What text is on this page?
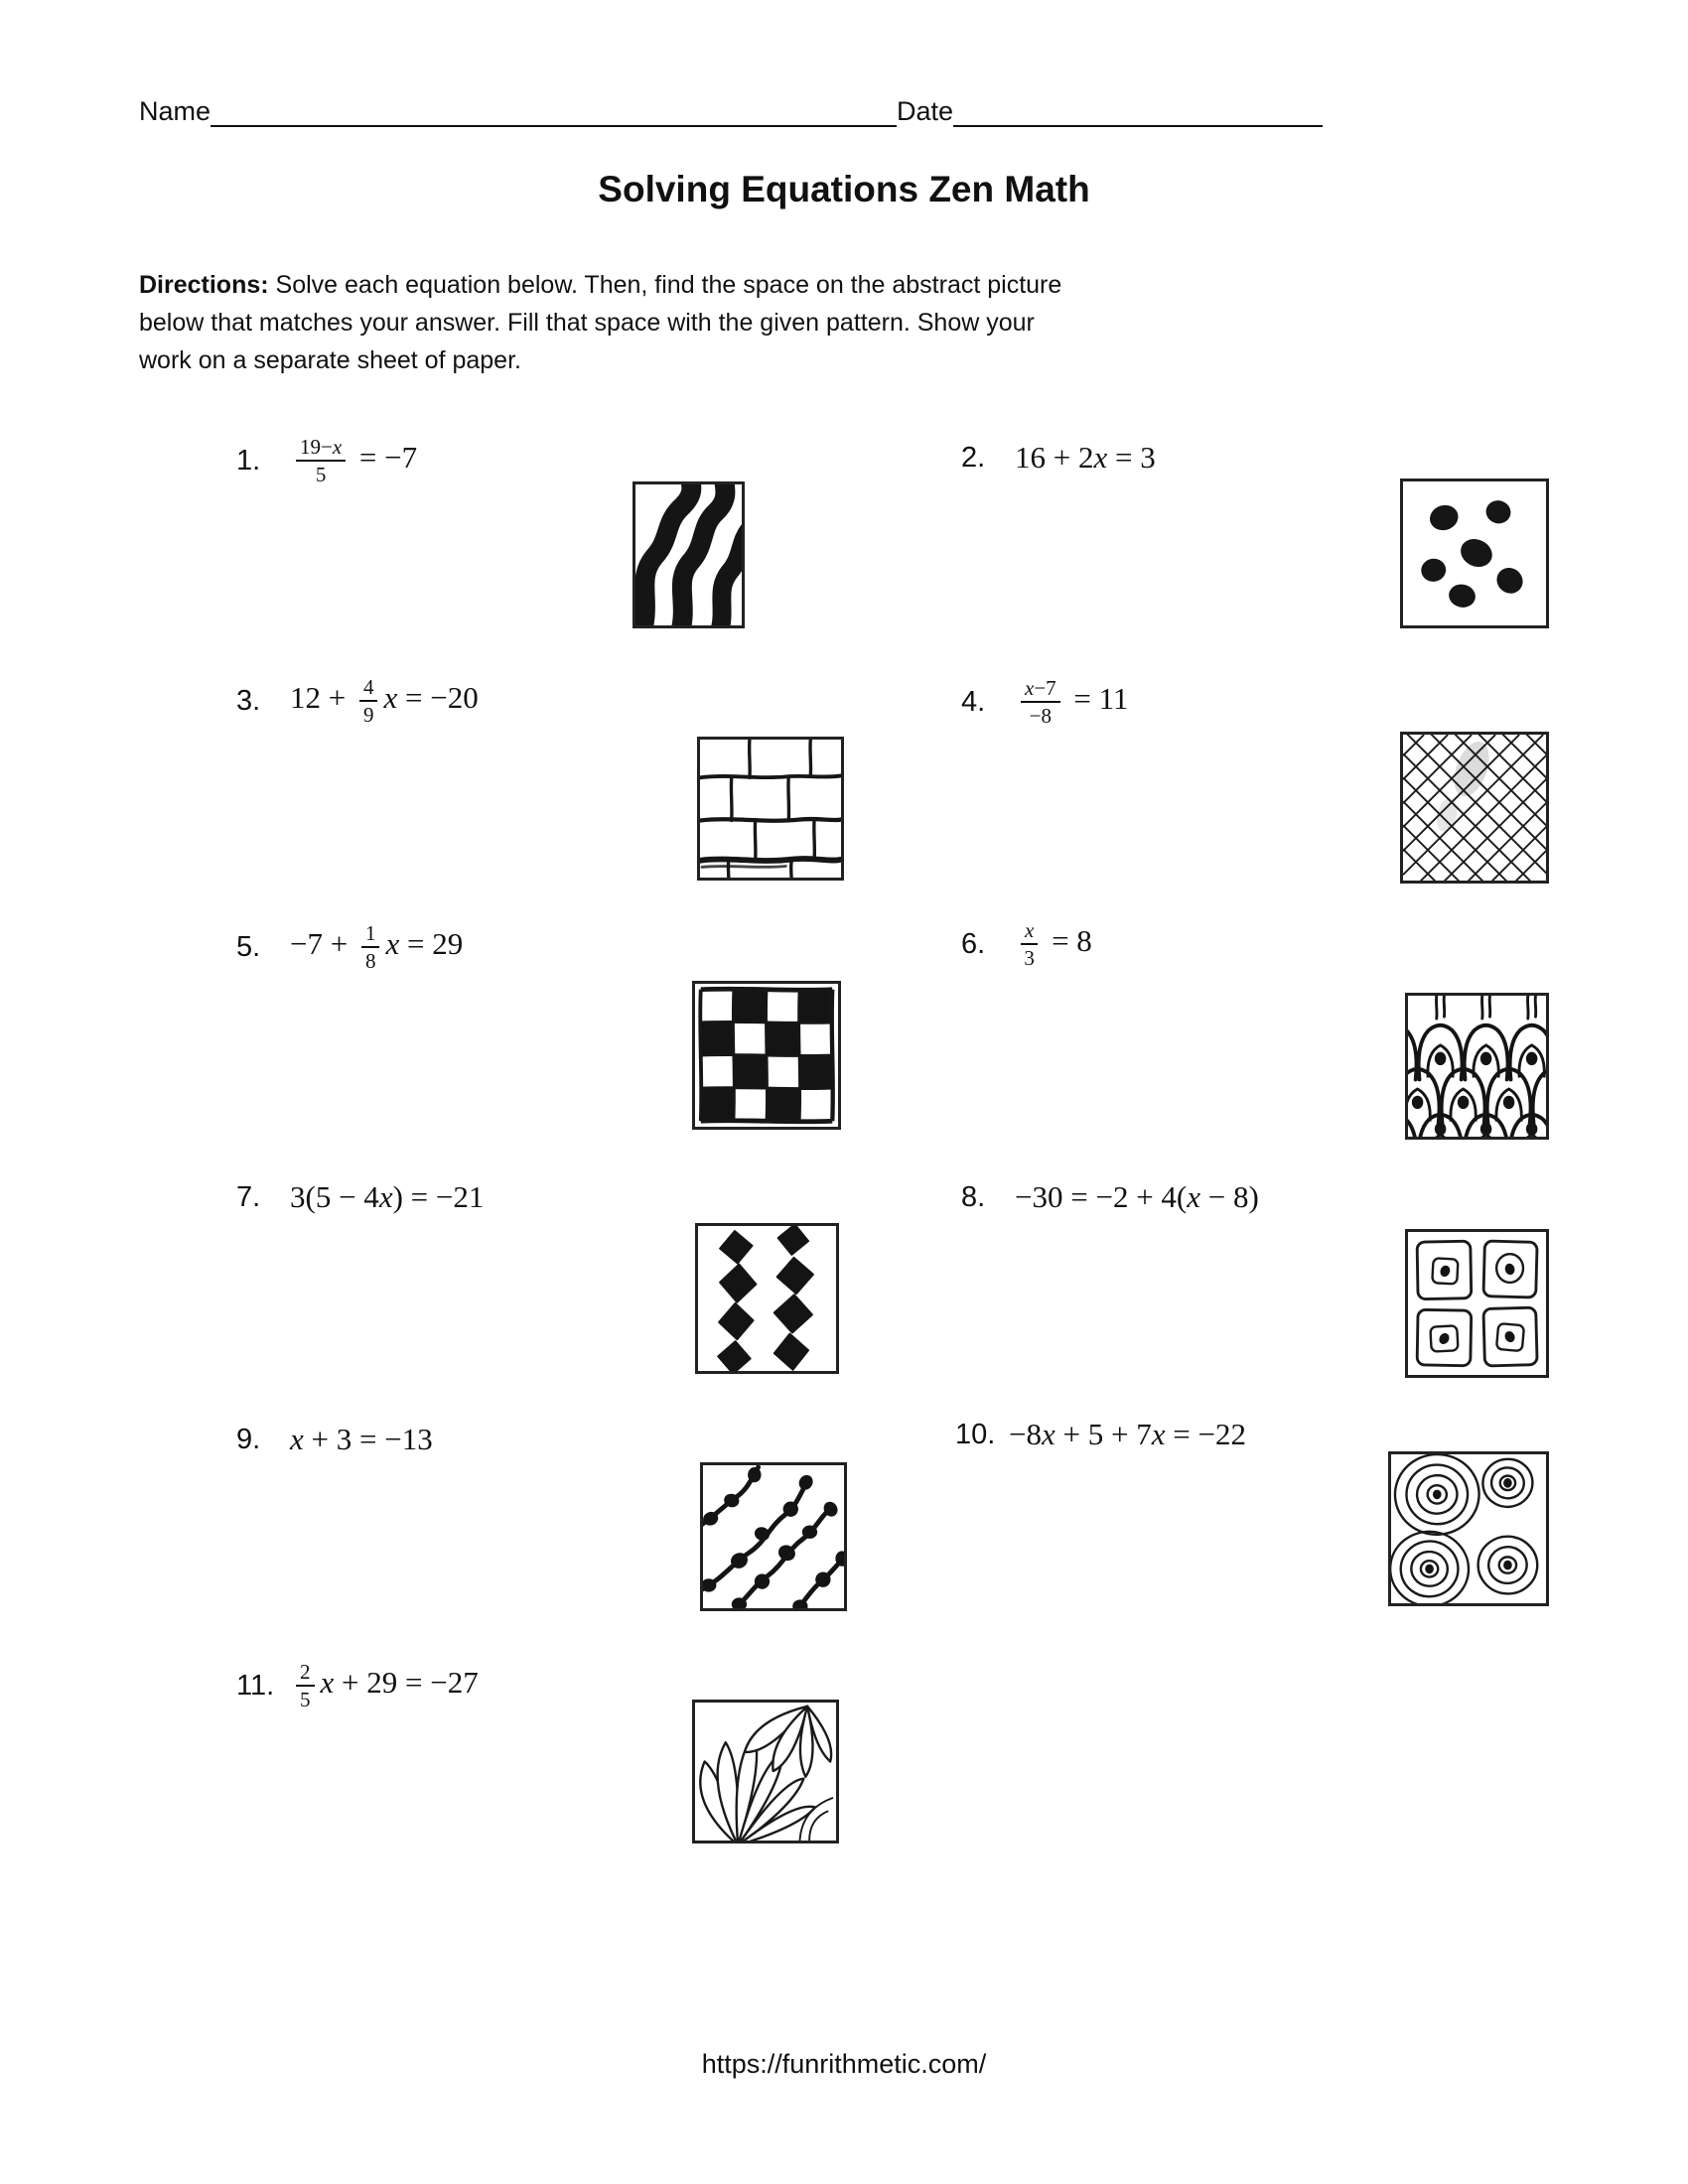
Name	Date
Solving Equations Zen Math
Directions: Solve each equation below. Then, find the space on the abstract picture
below that matches your answer. Fill that space with the given pattern. Show your
work on a separate sheet of paper.
1.	$\frac{19-x}{5} = -7$	2. 16 + 2x = 3
3. $12 + \frac{4}{9}$ x = −20	4.	$\frac{x-7}{-8} = 11$
5. $-7 + \frac{1}{8}$ x = 29	6.	$\frac{x}{3} = 8$
7. 3(5 − 4x) = −21	8. −30 = −2 + 4(x − 8)
9. x + 3 = −13	10. −8x + 5 + 7x = −22
11.	$\frac{2}{5}$ x + 29 = −27
https://funrithmetic.com/
